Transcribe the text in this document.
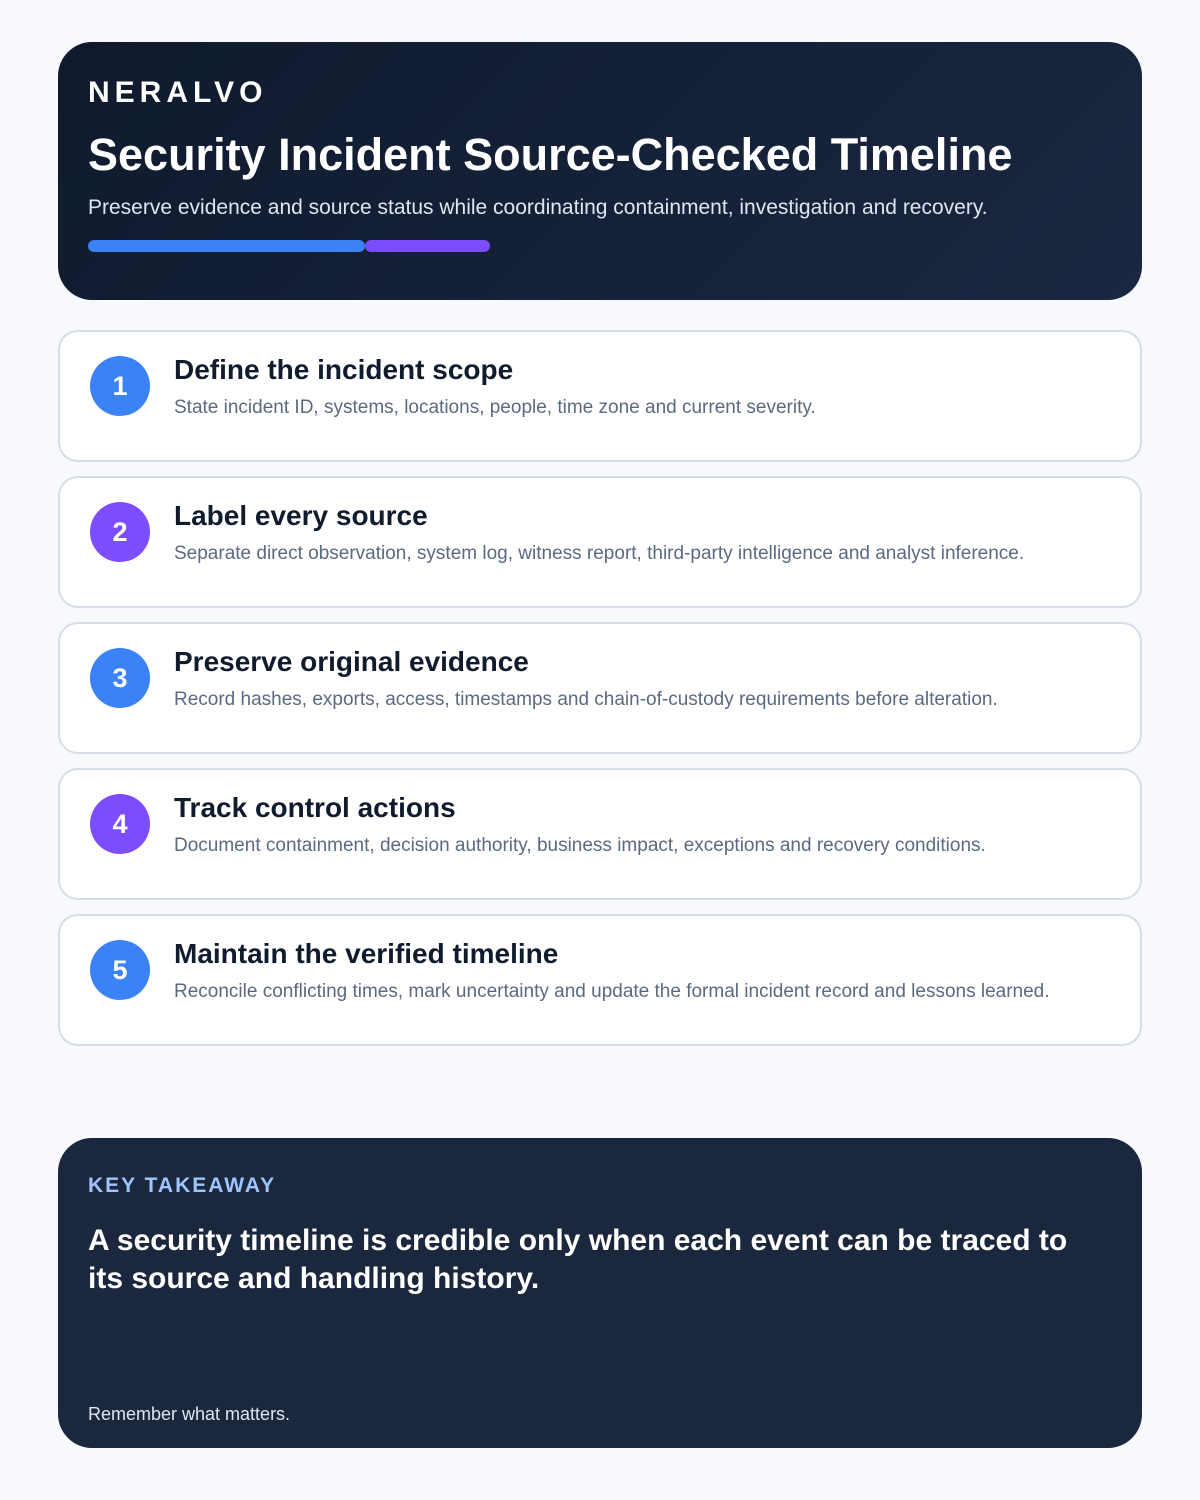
NERALVO
Security Incident Source-Checked Timeline

Preserve evidence and source status while coordinating containment, investigation and recovery.

1
Define the incident scope

State incident ID, systems, locations, people, time zone and current severity.

2
Label every source

Separate direct observation, system log, witness report, third-party intelligence and analyst inference.

3
Preserve original evidence

Record hashes, exports, access, timestamps and chain-of-custody requirements before alteration.

4
Track control actions

Document containment, decision authority, business impact, exceptions and recovery conditions.

5
Maintain the verified timeline

Reconcile conflicting times, mark uncertainty and update the formal incident record and lessons learned.

KEY TAKEAWAY

A security timeline is credible only when each event can be traced to its source and handling history.

Remember what matters.
